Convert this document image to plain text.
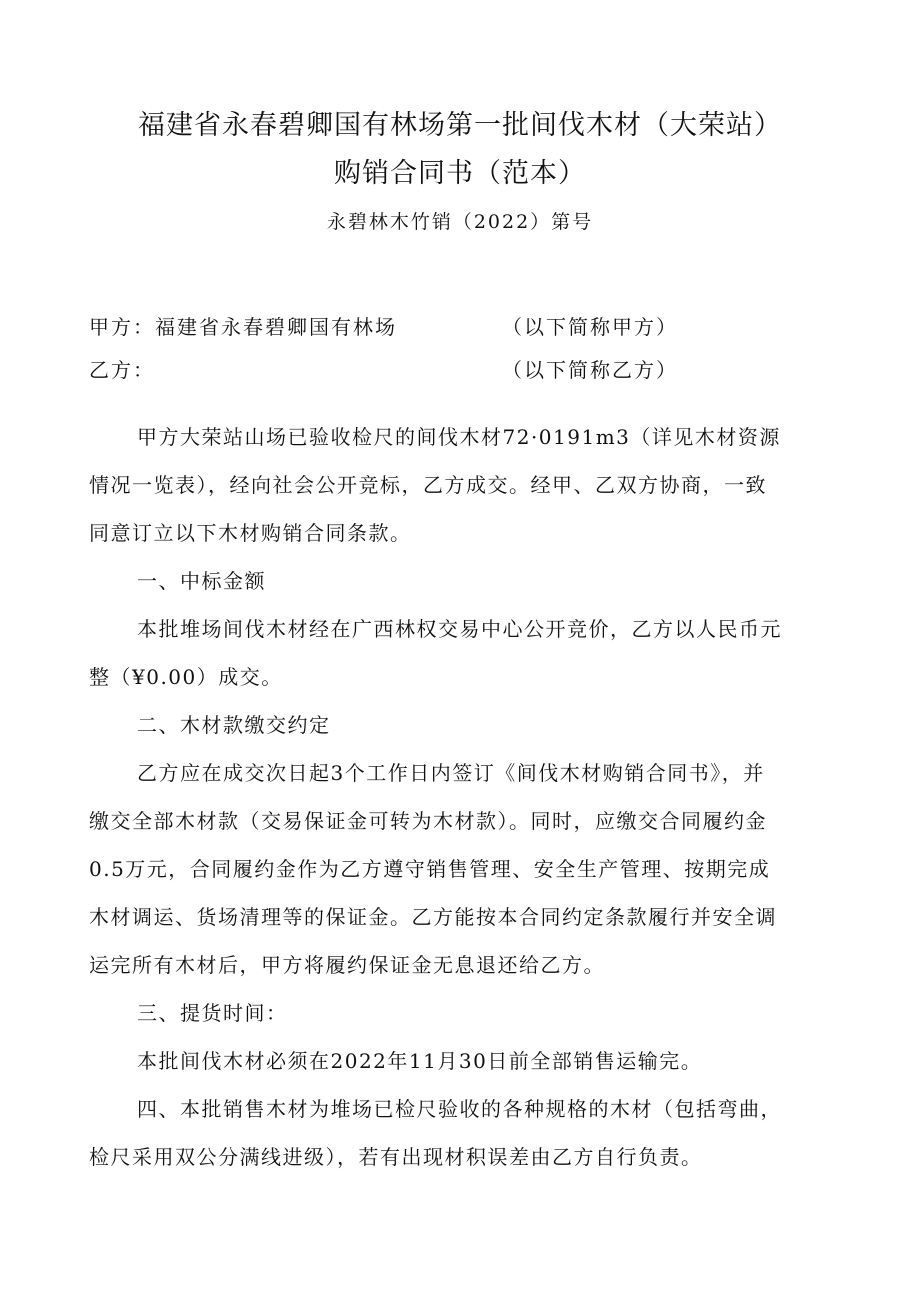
福建省永春碧卿国有林场第一批间伐木材（大荣站）
购销合同书（范本）
永碧林木竹销（2022）第号
甲方：福建省永春碧卿国有林场	（以下简称甲方）
乙方：	（以下简称乙方）
甲方大荣站山场已验收检尺的间伐木材72·0191m3（详见木材资源
情况一览表），经向社会公开竞标，乙方成交。经甲、乙双方协商，一致
同意订立以下木材购销合同条款。
一、中标金额
本批堆场间伐木材经在广西林权交易中心公开竞价，乙方以人民币元
整（¥0.00）成交。
二、木材款缴交约定
乙方应在成交次日起3个工作日内签订《间伐木材购销合同书》，并
缴交全部木材款（交易保证金可转为木材款）。同时，应缴交合同履约金
0.5万元，合同履约金作为乙方遵守销售管理、安全生产管理、按期完成
木材调运、货场清理等的保证金。乙方能按本合同约定条款履行并安全调
运完所有木材后，甲方将履约保证金无息退还给乙方。
三、提货时间：
本批间伐木材必须在2022年11月30日前全部销售运输完。
四、本批销售木材为堆场已检尺验收的各种规格的木材（包括弯曲，
检尺采用双公分满线进级），若有出现材积误差由乙方自行负责。
